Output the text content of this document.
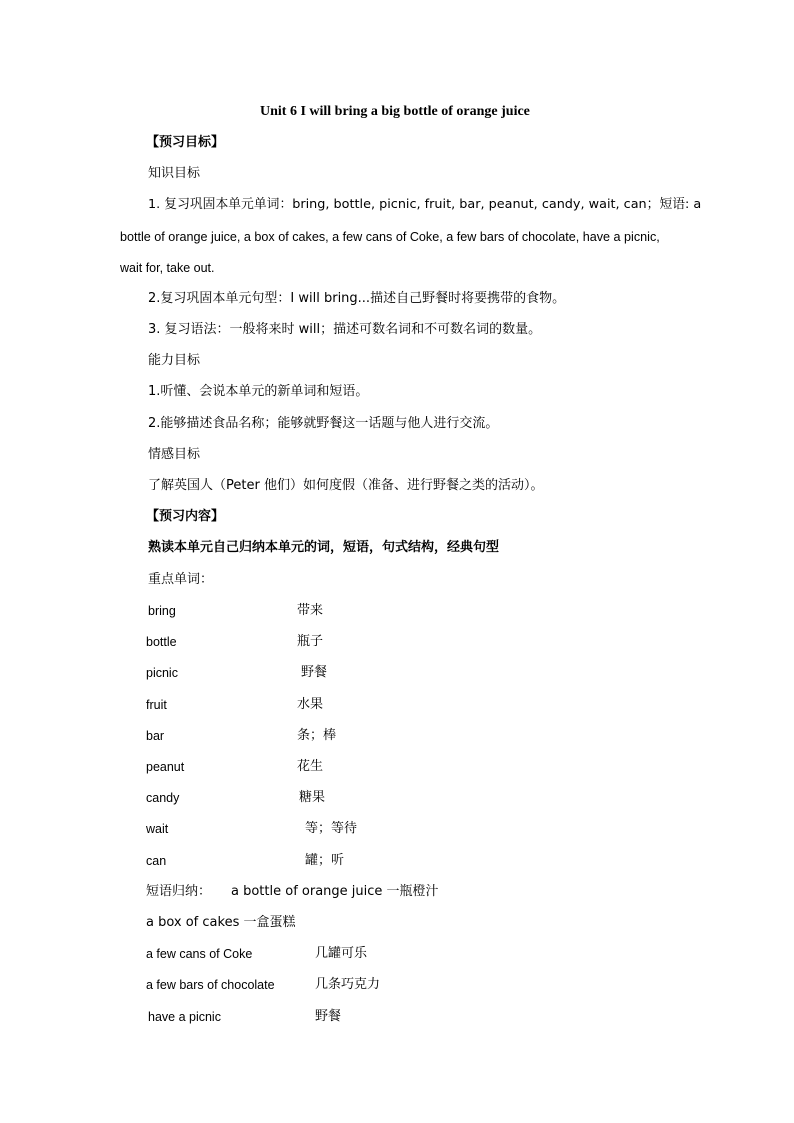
Unit 6 I will bring a big bottle of orange juice
【预习目标】
知识目标
1. 复习巩固本单元单词：bring, bottle, picnic, fruit, bar, peanut, candy, wait, can；短语: a
bottle of orange juice, a box of cakes, a few cans of Coke, a few bars of chocolate, have a picnic,
wait for, take out.
2.复习巩固本单元句型：I will bring...描述自己野餐时将要携带的食物。
3. 复习语法：一般将来时 will；描述可数名词和不可数名词的数量。
能力目标
1.听懂、会说本单元的新单词和短语。
2.能够描述食品名称；能够就野餐这一话题与他人进行交流。
情感目标
了解英国人（Peter 他们）如何度假（准备、进行野餐之类的活动）。
【预习内容】
熟读本单元自己归纳本单元的词，短语，句式结构，经典句型
重点单词：
bring	带来
bottle	瓶子
picnic	野餐
fruit	水果
bar	条；棒
peanut	花生
candy	糖果
wait	等；等待
can	罐；听
短语归纳： a bottle of orange juice 一瓶橙汁
a box of cakes 一盒蛋糕
a few cans of Coke	几罐可乐
a few bars of chocolate	几条巧克力
have a picnic	野餐
